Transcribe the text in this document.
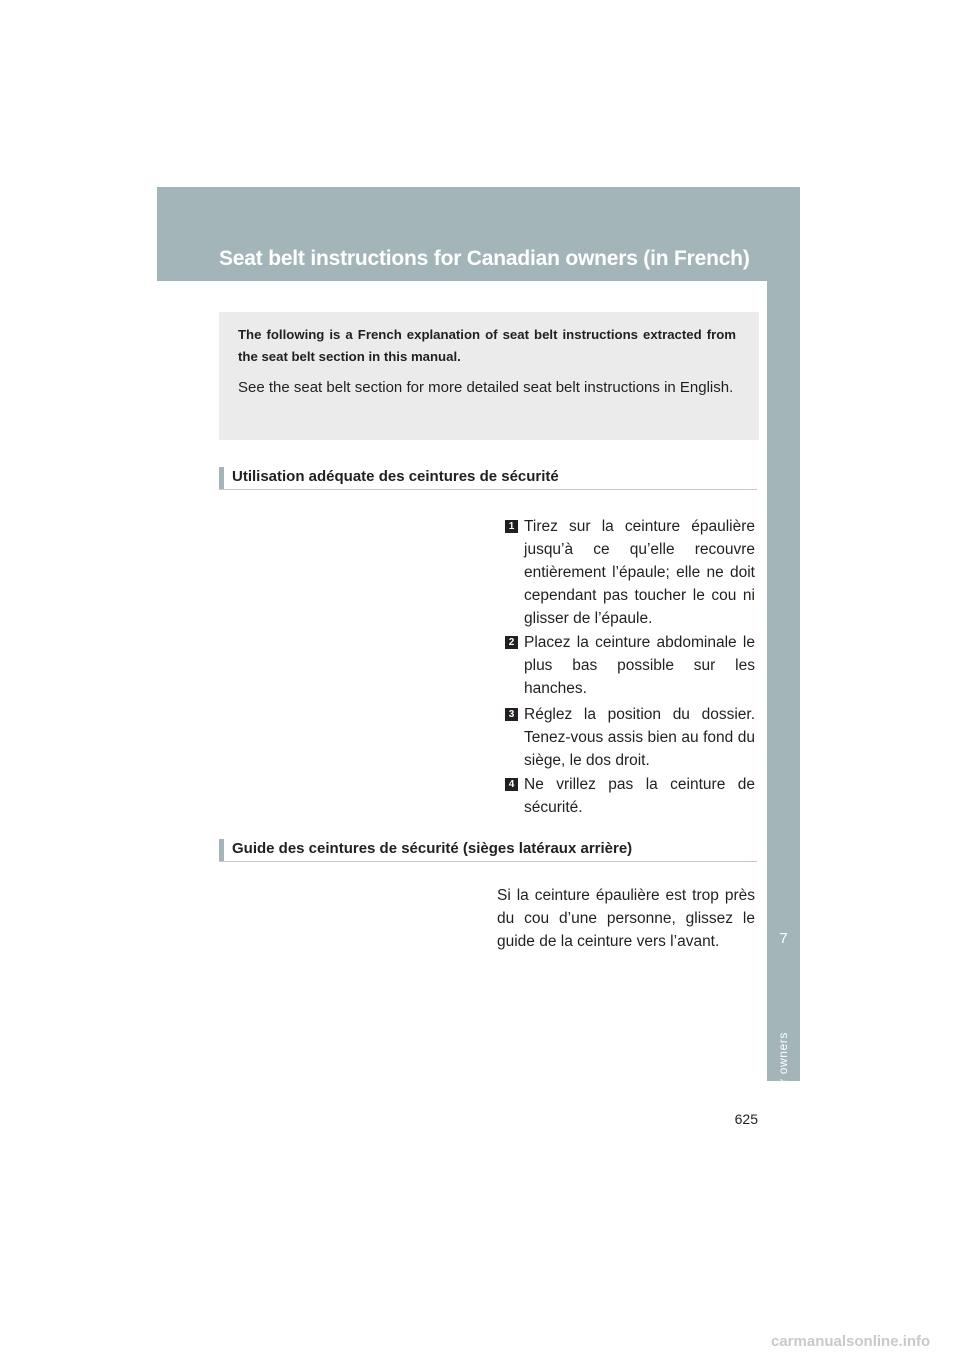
Seat belt instructions for Canadian owners (in French)
7
For owners
The following is a French explanation of seat belt instructions extracted from the seat belt section in this manual.
See the seat belt section for more detailed seat belt instructions in English.
Utilisation adéquate des ceintures de sécurité
1 Tirez sur la ceinture épaulière jusqu’à ce qu’elle recouvre entièrement l’épaule; elle ne doit cependant pas toucher le cou ni glisser de l’épaule.
2 Placez la ceinture abdominale le plus bas possible sur les hanches.
3 Réglez la position du dossier. Tenez-vous assis bien au fond du siège, le dos droit.
4 Ne vrillez pas la ceinture de sécurité.
Guide des ceintures de sécurité (sièges latéraux arrière)
Si la ceinture épaulière est trop près du cou d’une personne, glissez le guide de la ceinture vers l’avant.
625
carmanualsonline.info
